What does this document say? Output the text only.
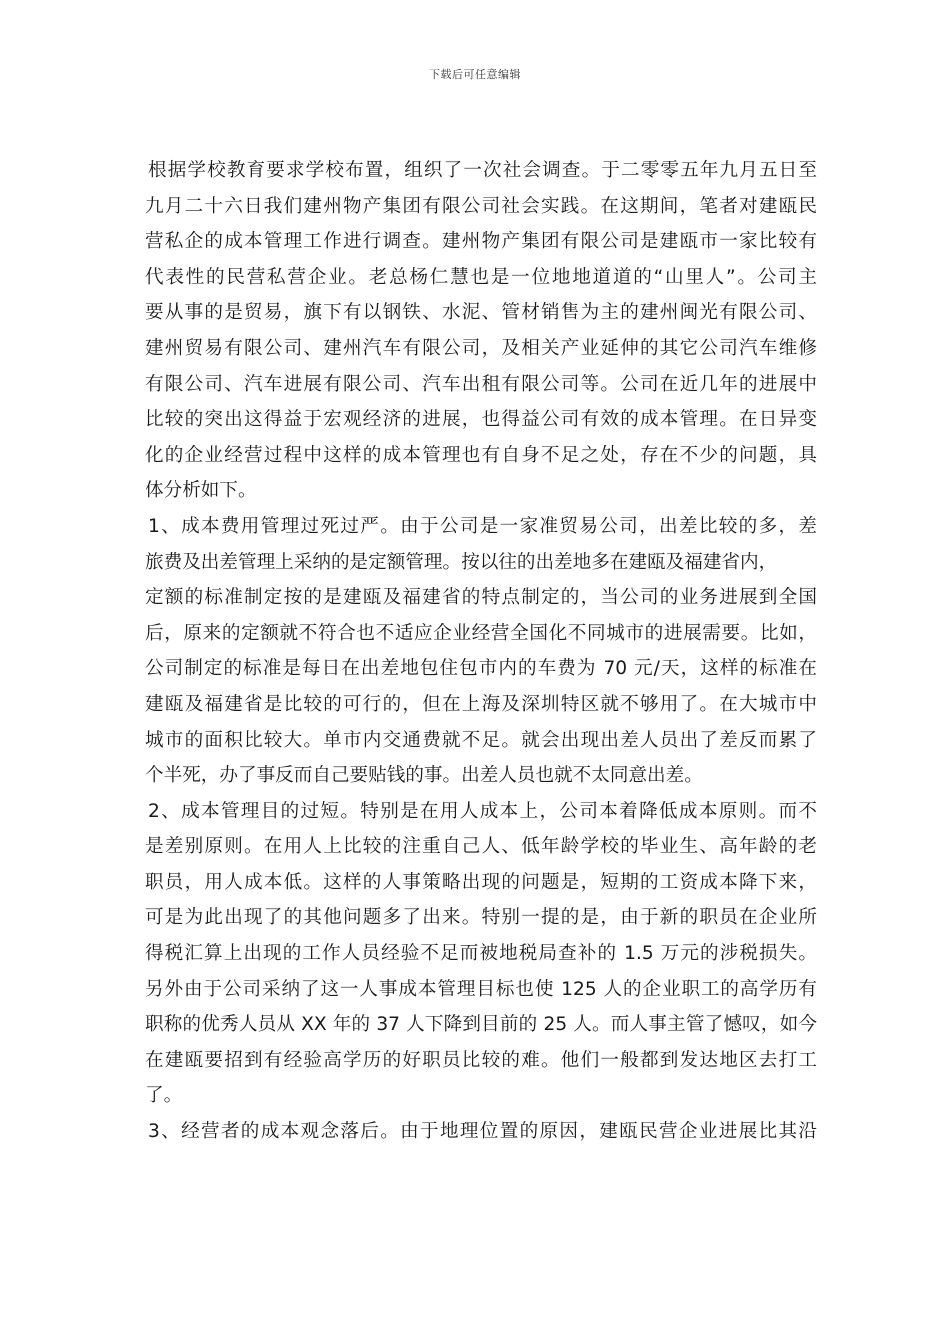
下载后可任意编辑
根据学校教育要求学校布置，组织了一次社会调查。于二零零五年九月五日至
九月二十六日我们建州物产集团有限公司社会实践。在这期间，笔者对建瓯民
营私企的成本管理工作进行调查。建州物产集团有限公司是建瓯市一家比较有
代表性的民营私营企业。老总杨仁慧也是一位地地道道的“山里人”。公司主
要从事的是贸易，旗下有以钢铁、水泥、管材销售为主的建州闽光有限公司、
建州贸易有限公司、建州汽车有限公司，及相关产业延伸的其它公司汽车维修
有限公司、汽车进展有限公司、汽车出租有限公司等。公司在近几年的进展中
比较的突出这得益于宏观经济的进展，也得益公司有效的成本管理。在日异变
化的企业经营过程中这样的成本管理也有自身不足之处，存在不少的问题，具
体分析如下。
1、成本费用管理过死过严。由于公司是一家准贸易公司，出差比较的多，差
旅费及出差管理上采纳的是定额管理。按以往的出差地多在建瓯及福建省内，
定额的标准制定按的是建瓯及福建省的特点制定的，当公司的业务进展到全国
后，原来的定额就不符合也不适应企业经营全国化不同城市的进展需要。比如，
公司制定的标准是每日在出差地包住包市内的车费为 70 元/天，这样的标准在
建瓯及福建省是比较的可行的，但在上海及深圳特区就不够用了。在大城市中
城市的面积比较大。单市内交通费就不足。就会出现出差人员出了差反而累了
个半死，办了事反而自己要贴钱的事。出差人员也就不太同意出差。
2、成本管理目的过短。特别是在用人成本上，公司本着降低成本原则。而不
是差别原则。在用人上比较的注重自己人、低年龄学校的毕业生、高年龄的老
职员，用人成本低。这样的人事策略出现的问题是，短期的工资成本降下来，
可是为此出现了的其他问题多了出来。特别一提的是，由于新的职员在企业所
得税汇算上出现的工作人员经验不足而被地税局查补的 1.5 万元的涉税损失。
另外由于公司采纳了这一人事成本管理目标也使 125 人的企业职工的高学历有
职称的优秀人员从 XX 年的 37 人下降到目前的 25 人。而人事主管了憾叹，如今
在建瓯要招到有经验高学历的好职员比较的难。他们一般都到发达地区去打工
了。
3、经营者的成本观念落后。由于地理位置的原因，建瓯民营企业进展比其沿
